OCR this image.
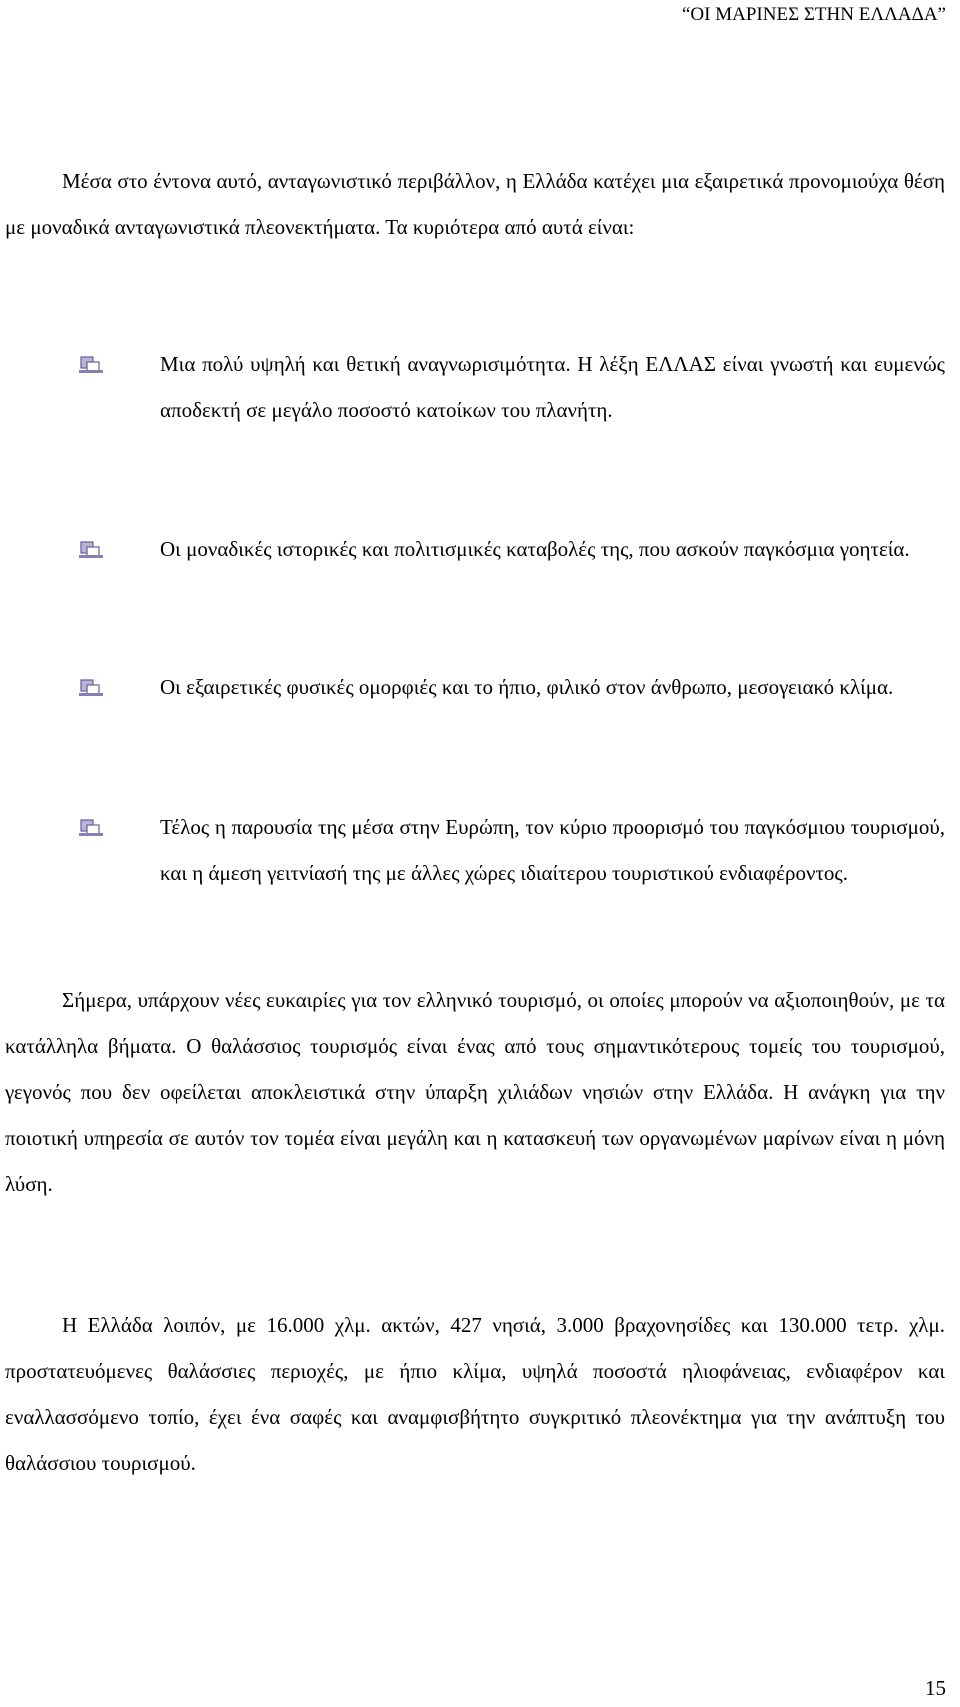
“ΟΙ ΜΑΡΙΝΕΣ ΣΤΗΝ ΕΛΛΑΔΑ”

Μέσα στο έντονα αυτό, ανταγωνιστικό περιβάλλον, η Ελλάδα κατέχει μια εξαιρετικά προνομιούχα θέση με μοναδικά ανταγωνιστικά πλεονεκτήματα. Τα κυριότερα από αυτά είναι:

Μια πολύ υψηλή και θετική αναγνωρισιμότητα. Η λέξη ΕΛΛΑΣ είναι γνωστή και ευμενώς αποδεκτή σε μεγάλο ποσοστό κατοίκων του πλανήτη.

Οι μοναδικές ιστορικές και πολιτισμικές καταβολές της, που ασκούν παγκόσμια γοητεία.

Οι εξαιρετικές φυσικές ομορφιές και το ήπιο, φιλικό στον άνθρωπο, μεσογειακό κλίμα.

Τέλος η παρουσία της μέσα στην Ευρώπη, τον κύριο προορισμό του παγκόσμιου τουρισμού, και η άμεση γειτνίασή της με άλλες χώρες ιδιαίτερου τουριστικού ενδιαφέροντος.

Σήμερα, υπάρχουν νέες ευκαιρίες για τον ελληνικό τουρισμό, οι οποίες μπορούν να αξιοποιηθούν, με τα κατάλληλα βήματα. Ο θαλάσσιος τουρισμός είναι ένας από τους σημαντικότερους τομείς του τουρισμού, γεγονός που δεν οφείλεται αποκλειστικά στην ύπαρξη χιλιάδων νησιών στην Ελλάδα. Η ανάγκη για την ποιοτική υπηρεσία σε αυτόν τον τομέα είναι μεγάλη και η κατασκευή των οργανωμένων μαρίνων είναι η μόνη λύση.

Η Ελλάδα λοιπόν, με 16.000 χλμ. ακτών, 427 νησιά, 3.000 βραχονησίδες και 130.000 τετρ. χλμ. προστατευόμενες θαλάσσιες περιοχές, με ήπιο κλίμα, υψηλά ποσοστά ηλιοφάνειας, ενδιαφέρον και εναλλασσόμενο τοπίο, έχει ένα σαφές και αναμφισβήτητο συγκριτικό πλεονέκτημα για την ανάπτυξη του θαλάσσιου τουρισμού.

15
